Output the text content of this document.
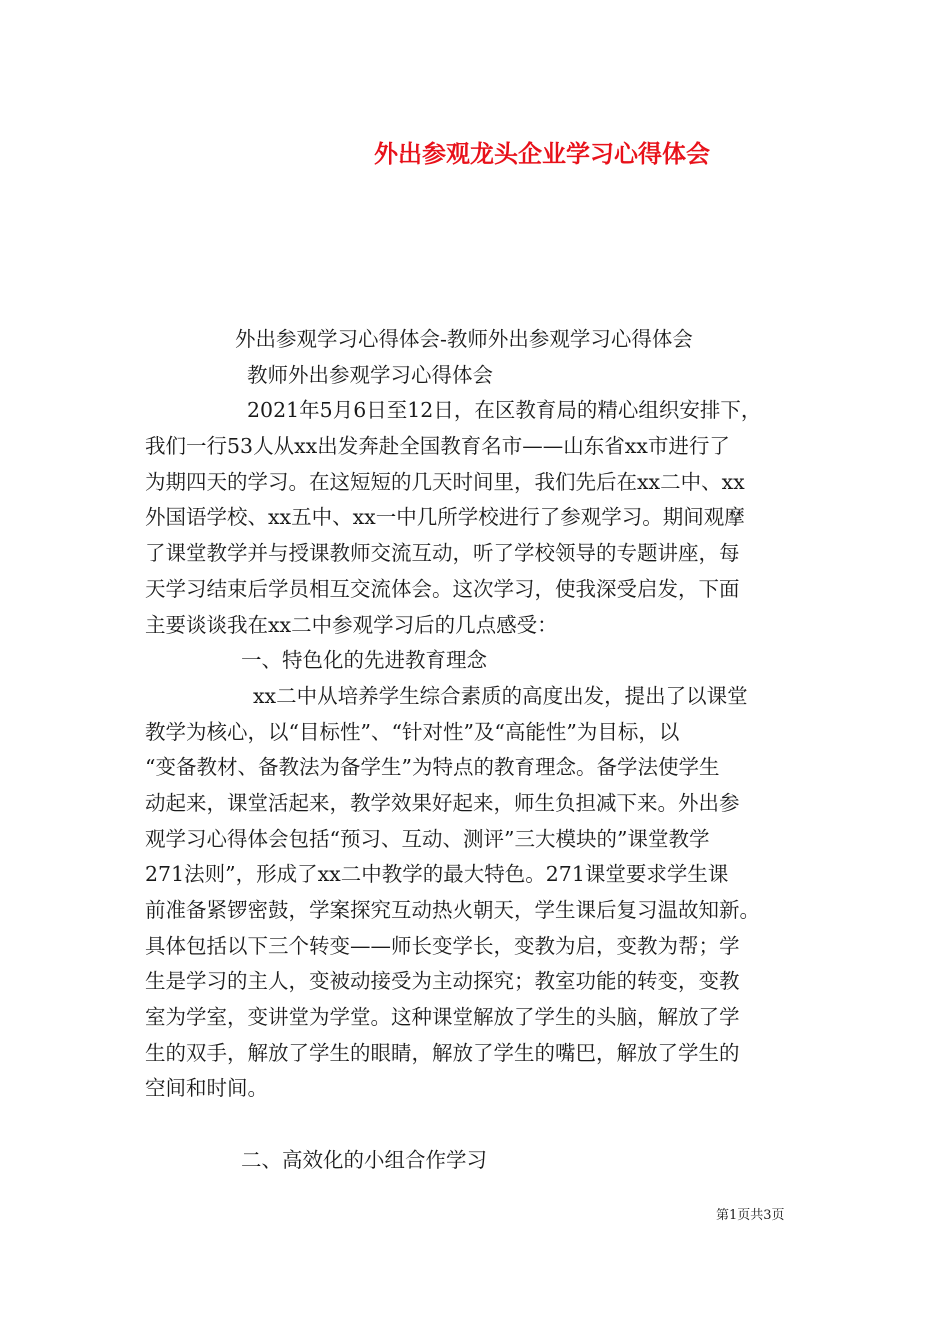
外出参观龙头企业学习心得体会
外出参观学习心得体会-教师外出参观学习心得体会
教师外出参观学习心得体会
2021年5月6日至12日，在区教育局的精心组织安排下，
我们一行53人从xx出发奔赴全国教育名市——山东省xx市进行了
为期四天的学习。在这短短的几天时间里，我们先后在xx二中、xx
外国语学校、xx五中、xx一中几所学校进行了参观学习。期间观摩
了课堂教学并与授课教师交流互动，听了学校领导的专题讲座，每
天学习结束后学员相互交流体会。这次学习，使我深受启发，下面
主要谈谈我在xx二中参观学习后的几点感受：
一、特色化的先进教育理念
xx二中从培养学生综合素质的高度出发，提出了以课堂
教学为核心，以“目标性”、“针对性”及“高能性”为目标，以
“变备教材、备教法为备学生”为特点的教育理念。备学法使学生
动起来，课堂活起来，教学效果好起来，师生负担减下来。外出参
观学习心得体会包括“预习、互动、测评”三大模块的”课堂教学
271法则”，形成了xx二中教学的最大特色。271课堂要求学生课
前准备紧锣密鼓，学案探究互动热火朝天，学生课后复习温故知新。
具体包括以下三个转变——师长变学长，变教为启，变教为帮；学
生是学习的主人，变被动接受为主动探究；教室功能的转变，变教
室为学室，变讲堂为学堂。这种课堂解放了学生的头脑，解放了学
生的双手，解放了学生的眼睛，解放了学生的嘴巴，解放了学生的
空间和时间。
二、高效化的小组合作学习
第1页共3页
